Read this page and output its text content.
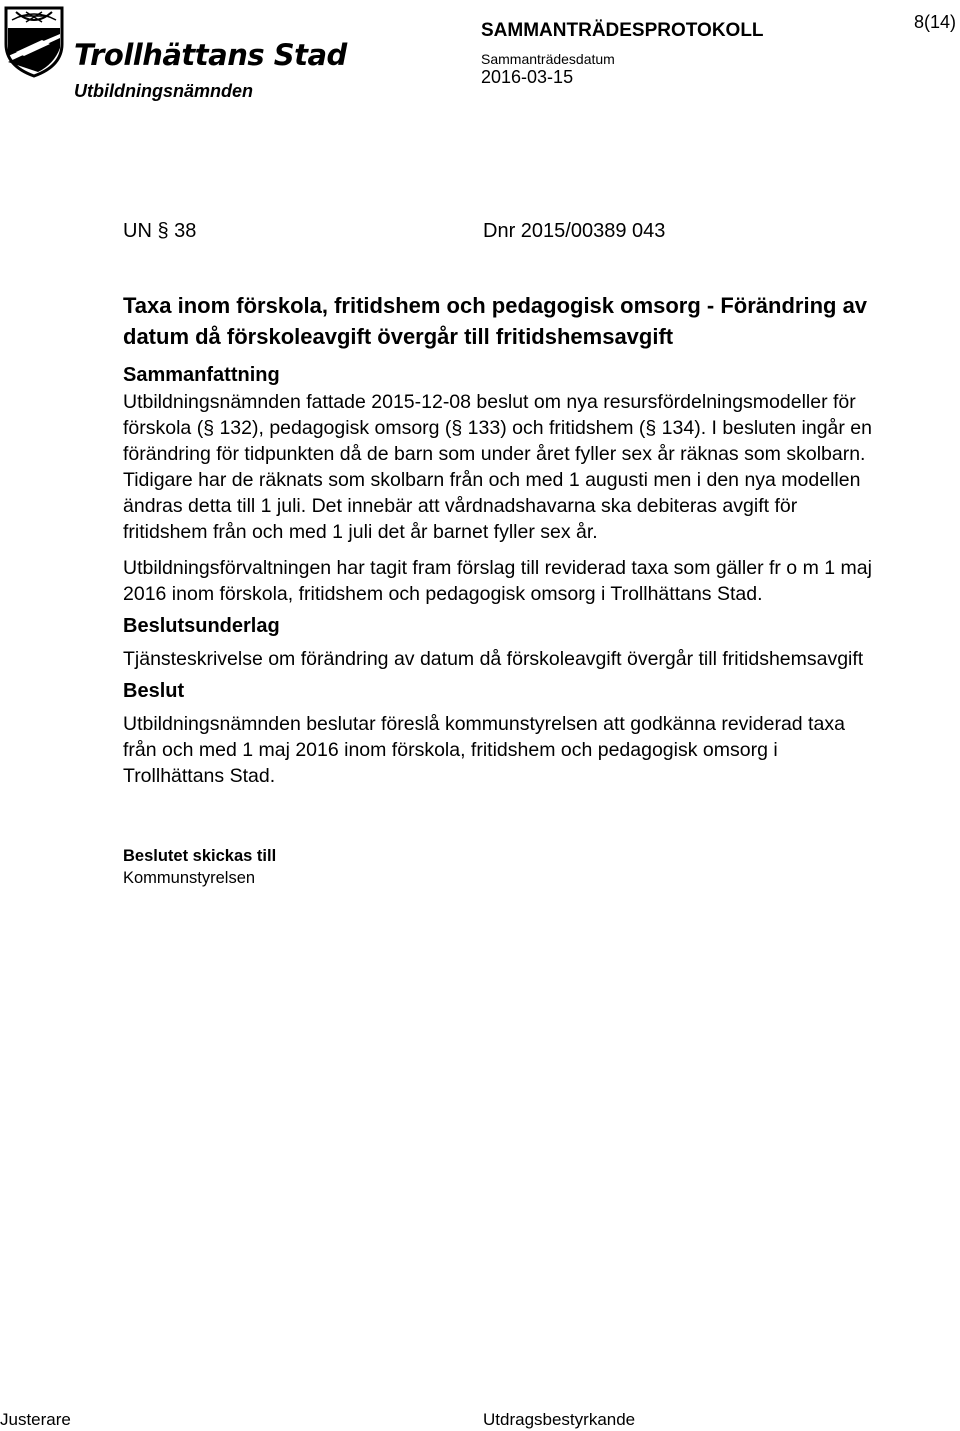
Trollhättans Stad
Utbildningsnämnden
SAMMANTRÄDESPROTOKOLL
Sammanträdesdatum
2016-03-15
8(14)
UN § 38	Dnr 2015/00389 043
Taxa inom förskola, fritidshem och pedagogisk omsorg - Förändring av datum då förskoleavgift övergår till fritidshemsavgift
Sammanfattning

Utbildningsnämnden fattade 2015-12-08 beslut om nya resursfördelningsmodeller för förskola (§ 132), pedagogisk omsorg (§ 133) och fritidshem (§ 134). I besluten ingår en förändring för tidpunkten då de barn som under året fyller sex år räknas som skolbarn. Tidigare har de räknats som skolbarn från och med 1 augusti men i den nya modellen ändras detta till 1 juli. Det innebär att vårdnadshavarna ska debiteras avgift för fritidshem från och med 1 juli det år barnet fyller sex år.

Utbildningsförvaltningen har tagit fram förslag till reviderad taxa som gäller fr o m 1 maj 2016 inom förskola, fritidshem och pedagogisk omsorg i Trollhättans Stad.

Beslutsunderlag

Tjänsteskrivelse om förändring av datum då förskoleavgift övergår till fritidshemsavgift

Beslut

Utbildningsnämnden beslutar föreslå kommunstyrelsen att godkänna reviderad taxa från och med 1 maj 2016 inom förskola, fritidshem och pedagogisk omsorg i Trollhättans Stad.

Beslutet skickas till
Kommunstyrelsen
Justerare	Utdragsbestyrkande
